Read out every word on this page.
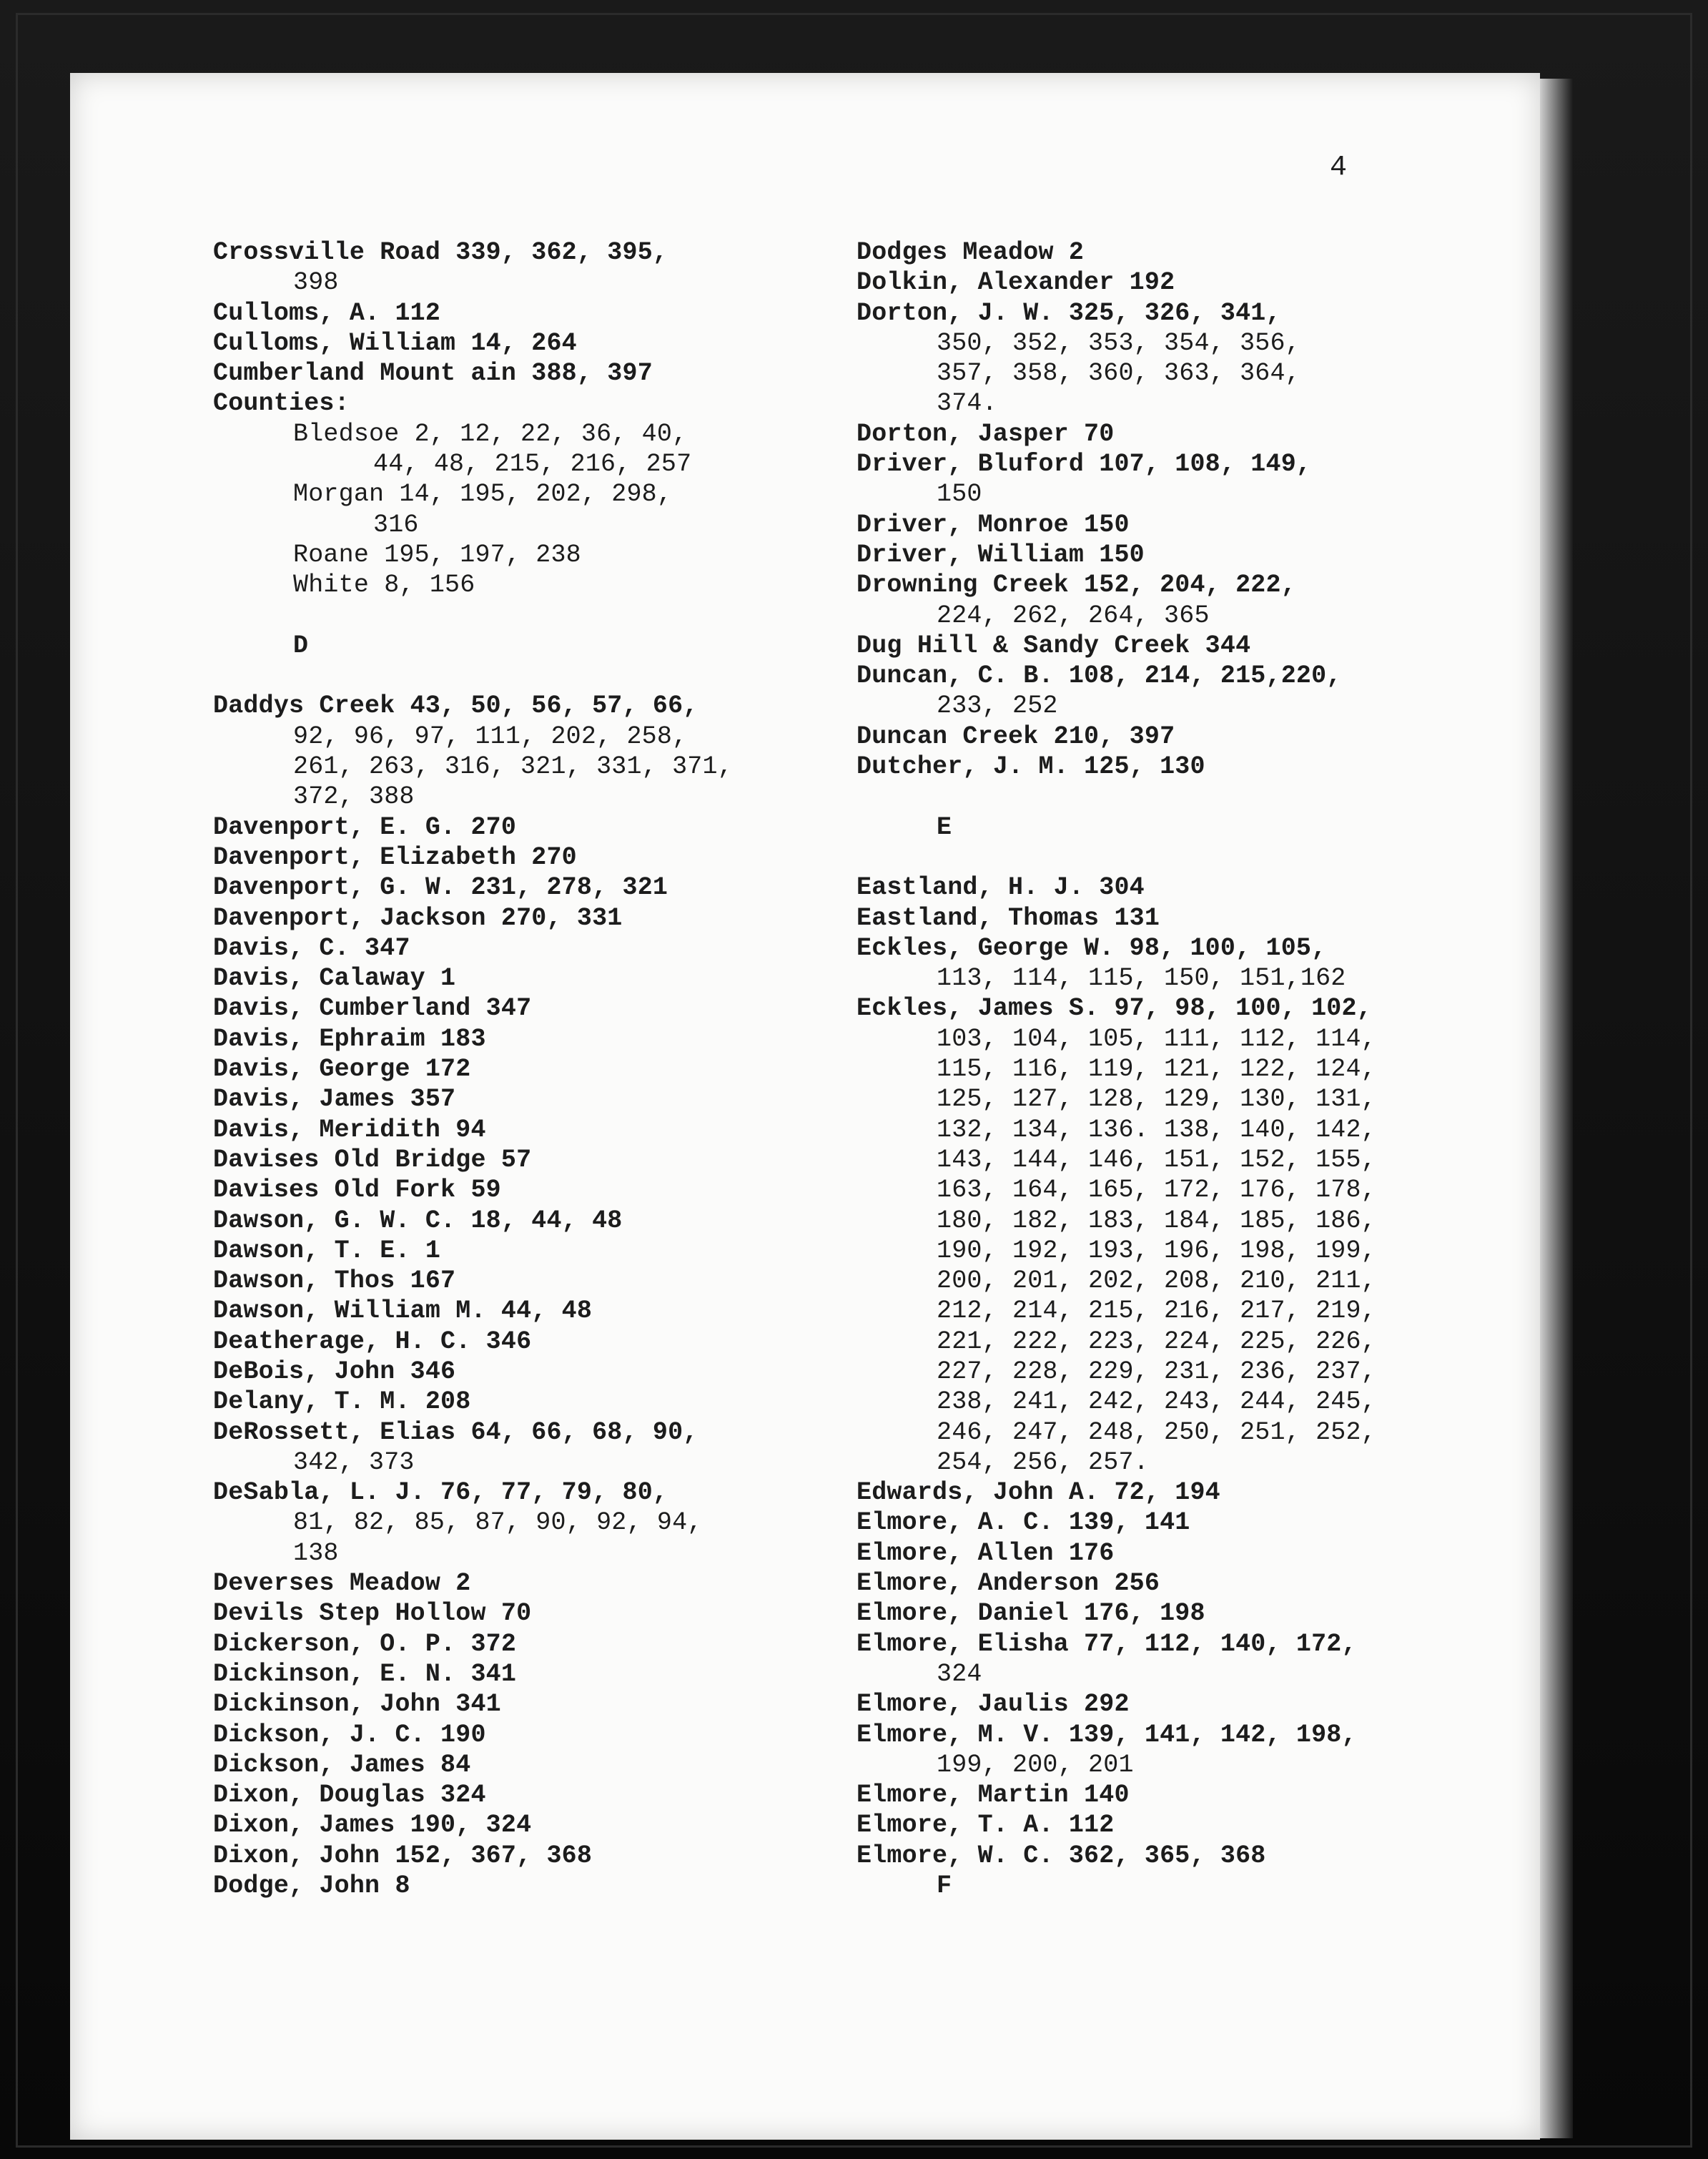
4
Crossville Road 339, 362, 395,
398
Culloms, A. 112
Culloms, William 14, 264
Cumberland Mount ain 388, 397
Counties:
Bledsoe 2, 12, 22, 36, 40,
44, 48, 215, 216, 257
Morgan 14, 195, 202, 298,
316
Roane 195, 197, 238
White 8, 156
D
Daddys Creek 43, 50, 56, 57, 66,
92, 96, 97, 111, 202, 258,
261, 263, 316, 321, 331, 371,
372, 388
Davenport, E. G. 270
Davenport, Elizabeth 270
Davenport, G. W. 231, 278, 321
Davenport, Jackson 270, 331
Davis, C. 347
Davis, Calaway 1
Davis, Cumberland 347
Davis, Ephraim 183
Davis, George 172
Davis, James 357
Davis, Meridith 94
Davises Old Bridge 57
Davises Old Fork 59
Dawson, G. W. C. 18, 44, 48
Dawson, T. E. 1
Dawson, Thos 167
Dawson, William M. 44, 48
Deatherage, H. C. 346
DeBois, John 346
Delany, T. M. 208
DeRossett, Elias 64, 66, 68, 90,
342, 373
DeSabla, L. J. 76, 77, 79, 80,
81, 82, 85, 87, 90, 92, 94,
138
Deverses Meadow 2
Devils Step Hollow 70
Dickerson, O. P. 372
Dickinson, E. N. 341
Dickinson, John 341
Dickson, J. C. 190
Dickson, James 84
Dixon, Douglas 324
Dixon, James 190, 324
Dixon, John 152, 367, 368
Dodge, John 8
Dodges Meadow 2
Dolkin, Alexander 192
Dorton, J. W. 325, 326, 341,
350, 352, 353, 354, 356,
357, 358, 360, 363, 364,
374.
Dorton, Jasper 70
Driver, Bluford 107, 108, 149,
150
Driver, Monroe 150
Driver, William 150
Drowning Creek 152, 204, 222,
224, 262, 264, 365
Dug Hill & Sandy Creek 344
Duncan, C. B. 108, 214, 215,220,
233, 252
Duncan Creek 210, 397
Dutcher, J. M. 125, 130
E
Eastland, H. J. 304
Eastland, Thomas 131
Eckles, George W. 98, 100, 105,
113, 114, 115, 150, 151,162
Eckles, James S. 97, 98, 100, 102,
103, 104, 105, 111, 112, 114,
115, 116, 119, 121, 122, 124,
125, 127, 128, 129, 130, 131,
132, 134, 136. 138, 140, 142,
143, 144, 146, 151, 152, 155,
163, 164, 165, 172, 176, 178,
180, 182, 183, 184, 185, 186,
190, 192, 193, 196, 198, 199,
200, 201, 202, 208, 210, 211,
212, 214, 215, 216, 217, 219,
221, 222, 223, 224, 225, 226,
227, 228, 229, 231, 236, 237,
238, 241, 242, 243, 244, 245,
246, 247, 248, 250, 251, 252,
254, 256, 257.
Edwards, John A. 72, 194
Elmore, A. C. 139, 141
Elmore, Allen 176
Elmore, Anderson 256
Elmore, Daniel 176, 198
Elmore, Elisha 77, 112, 140, 172,
324
Elmore, Jaulis 292
Elmore, M. V. 139, 141, 142, 198,
199, 200, 201
Elmore, Martin 140
Elmore, T. A. 112
Elmore, W. C. 362, 365, 368
F
